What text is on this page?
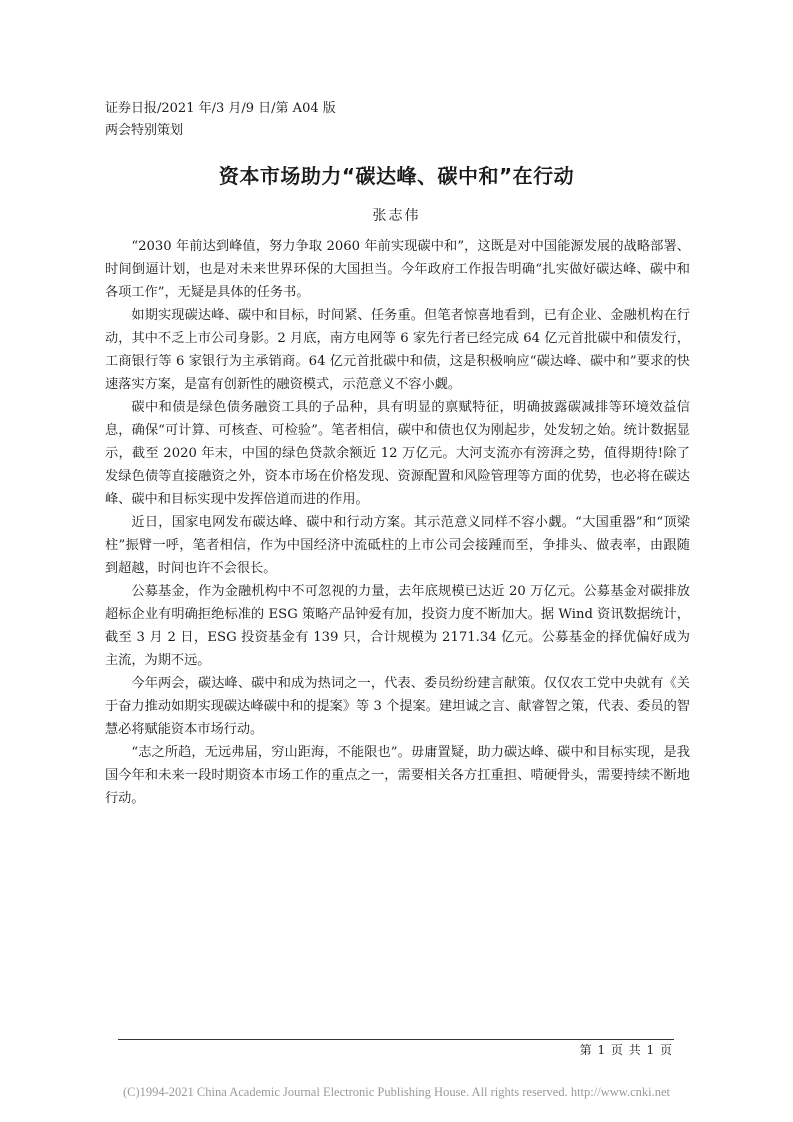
证券日报/2021 年/3 月/9 日/第 A04 版
两会特别策划
资本市场助力“碳达峰、碳中和”在行动
张志伟

“2030 年前达到峰值，努力争取 2060 年前实现碳中和”，这既是对中国能源发展的战略部署、时间倒逼计划，也是对未来世界环保的大国担当。今年政府工作报告明确“扎实做好碳达峰、碳中和各项工作”，无疑是具体的任务书。

如期实现碳达峰、碳中和目标，时间紧、任务重。但笔者惊喜地看到，已有企业、金融机构在行动，其中不乏上市公司身影。2 月底，南方电网等 6 家先行者已经完成 64 亿元首批碳中和债发行，工商银行等 6 家银行为主承销商。64 亿元首批碳中和债，这是积极响应“碳达峰、碳中和”要求的快速落实方案，是富有创新性的融资模式，示范意义不容小觑。

碳中和债是绿色债务融资工具的子品种，具有明显的禀赋特征，明确披露碳减排等环境效益信息，确保“可计算、可核查、可检验”。笔者相信，碳中和债也仅为刚起步，处发轫之始。统计数据显示，截至 2020 年末，中国的绿色贷款余额近 12 万亿元。大河支流亦有滂湃之势，值得期待!除了发绿色债等直接融资之外，资本市场在价格发现、资源配置和风险管理等方面的优势，也必将在碳达峰、碳中和目标实现中发挥倍道而进的作用。

近日，国家电网发布碳达峰、碳中和行动方案。其示范意义同样不容小觑。“大国重器”和“顶梁柱”振臂一呼，笔者相信，作为中国经济中流砥柱的上市公司会接踵而至，争排头、做表率，由跟随到超越，时间也许不会很长。

公募基金，作为金融机构中不可忽视的力量，去年底规模已达近 20 万亿元。公募基金对碳排放超标企业有明确拒绝标准的 ESG 策略产品钟爱有加，投资力度不断加大。据 Wind 资讯数据统计，截至 3 月 2 日，ESG 投资基金有 139 只，合计规模为 2171.34 亿元。公募基金的择优偏好成为主流，为期不远。

今年两会，碳达峰、碳中和成为热词之一，代表、委员纷纷建言献策。仅仅农工党中央就有《关于奋力推动如期实现碳达峰碳中和的提案》等 3 个提案。建坦诚之言、献睿智之策，代表、委员的智慧必将赋能资本市场行动。

“志之所趋，无远弗届，穷山距海，不能限也”。毋庸置疑，助力碳达峰、碳中和目标实现，是我国今年和未来一段时期资本市场工作的重点之一，需要相关各方扛重担、啃硬骨头，需要持续不断地行动。

第 1 页 共 1 页
(C)1994-2021 China Academic Journal Electronic Publishing House. All rights reserved. http://www.cnki.net
